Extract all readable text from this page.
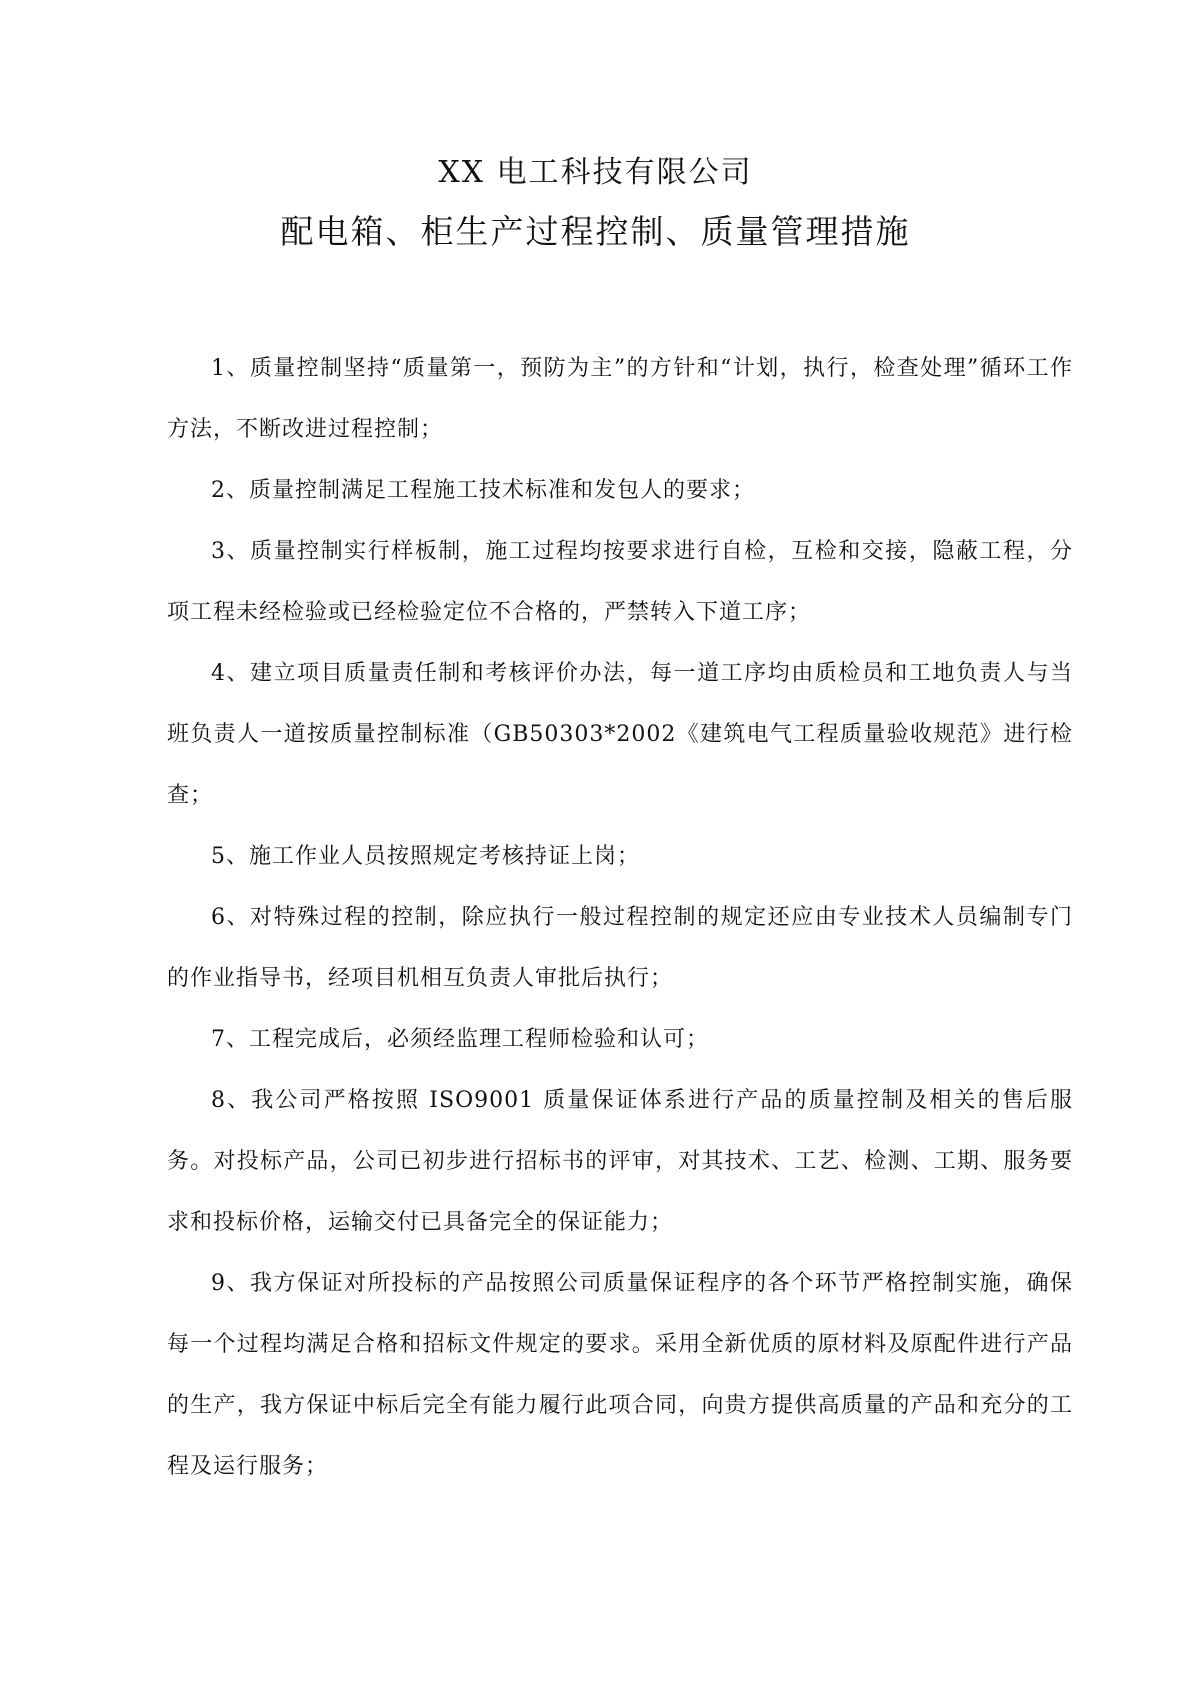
XX 电工科技有限公司
配电箱、柜生产过程控制、质量管理措施

1、质量控制坚持“质量第一，预防为主”的方针和“计划，执行，检查处理”循环工作方法，不断改进过程控制；

2、质量控制满足工程施工技术标准和发包人的要求；

3、质量控制实行样板制，施工过程均按要求进行自检，互检和交接，隐蔽工程，分项工程未经检验或已经检验定位不合格的，严禁转入下道工序；

4、建立项目质量责任制和考核评价办法，每一道工序均由质检员和工地负责人与当班负责人一道按质量控制标准（GB50303*2002《建筑电气工程质量验收规范》进行检查；

5、施工作业人员按照规定考核持证上岗；

6、对特殊过程的控制，除应执行一般过程控制的规定还应由专业技术人员编制专门的作业指导书，经项目机相互负责人审批后执行；

7、工程完成后，必须经监理工程师检验和认可；

8、我公司严格按照 ISO9001 质量保证体系进行产品的质量控制及相关的售后服务。对投标产品，公司已初步进行招标书的评审，对其技术、工艺、检测、工期、服务要求和投标价格，运输交付已具备完全的保证能力；

9、我方保证对所投标的产品按照公司质量保证程序的各个环节严格控制实施，确保每一个过程均满足合格和招标文件规定的要求。采用全新优质的原材料及原配件进行产品的生产，我方保证中标后完全有能力履行此项合同，向贵方提供高质量的产品和充分的工程及运行服务；
